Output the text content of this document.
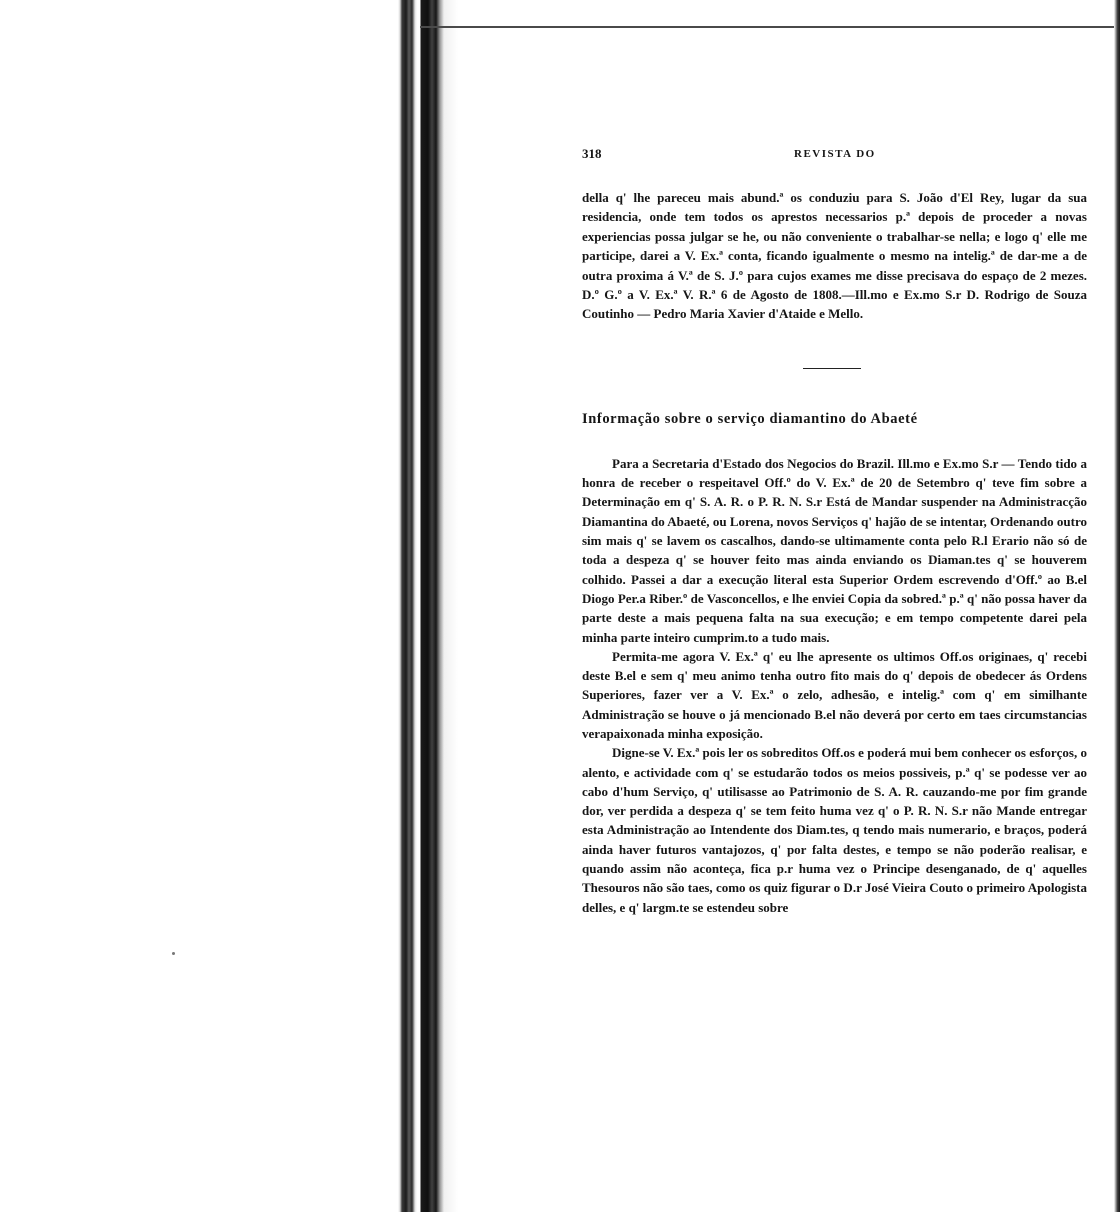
318	REVISTA DO

della q' lhe pareceu mais abund.ª os conduziu para S. João d'El Rey, lugar da sua residencia, onde tem todos os aprestos necessarios p.ª depois de proceder a novas experiencias possa julgar se he, ou não conveniente o trabalhar-se nella; e logo q' elle me participe, darei a V. Ex.ª conta, ficando igualmente o mesmo na intelig.ª de dar-me a de outra proxima á V.ª de S. J.º para cujos exames me disse precisava do espaço de 2 mezes. D.º G.º a V. Ex.ª V. R.ª 6 de Agosto de 1808.—Ill.mo e Ex.mo S.r D. Rodrigo de Souza Coutinho — Pedro Maria Xavier d'Ataide e Mello.

Informação sobre o serviço diamantino do Abaeté

Para a Secretaria d'Estado dos Negocios do Brazil. Ill.mo e Ex.mo S.r — Tendo tido a honra de receber o respeitavel Off.º do V. Ex.ª de 20 de Setembro q' teve fim sobre a Determinação em q' S. A. R. o P. R. N. S.r Está de Mandar suspender na Administracção Diamantina do Abaeté, ou Lorena, novos Serviços q' hajão de se intentar, Ordenando outro sim mais q' se lavem os cascalhos, dando-se ultimamente conta pelo R.l Erario não só de toda a despeza q' se houver feito mas ainda enviando os Diaman.tes q' se houverem colhido. Passei a dar a execução literal esta Superior Ordem escrevendo d'Off.º ao B.el Diogo Per.a Riber.º de Vasconcellos, e lhe enviei Copia da sobred.ª p.ª q' não possa haver da parte deste a mais pequena falta na sua execução; e em tempo competente darei pela minha parte inteiro cumprim.to a tudo mais.

Permita-me agora V. Ex.ª q' eu lhe apresente os ultimos Off.os originaes, q' recebi deste B.el e sem q' meu animo tenha outro fito mais do q' depois de obedecer ás Ordens Superiores, fazer ver a V. Ex.ª o zelo, adhesão, e intelig.ª com q' em similhante Administração se houve o já mencionado B.el não deverá por certo em taes circumstancias verapaixonada minha exposição.

Digne-se V. Ex.ª pois ler os sobreditos Off.os e poderá mui bem conhecer os esforços, o alento, e actividade com q' se estudarão todos os meios possiveis, p.ª q' se podesse ver ao cabo d'hum Serviço, q' utilisasse ao Patrimonio de S. A. R. cauzando-me por fim grande dor, ver perdida a despeza q' se tem feito huma vez q' o P. R. N. S.r não Mande entregar esta Administração ao Intendente dos Diam.tes, q tendo mais numerario, e braços, poderá ainda haver futuros vantajozos, q' por falta destes, e tempo se não poderão realisar, e quando assim não aconteça, fica p.r huma vez o Principe desenganado, de q' aquelles Thesouros não são taes, como os quiz figurar o D.r José Vieira Couto o primeiro Apologista delles, e q' largm.te se estendeu sobre
